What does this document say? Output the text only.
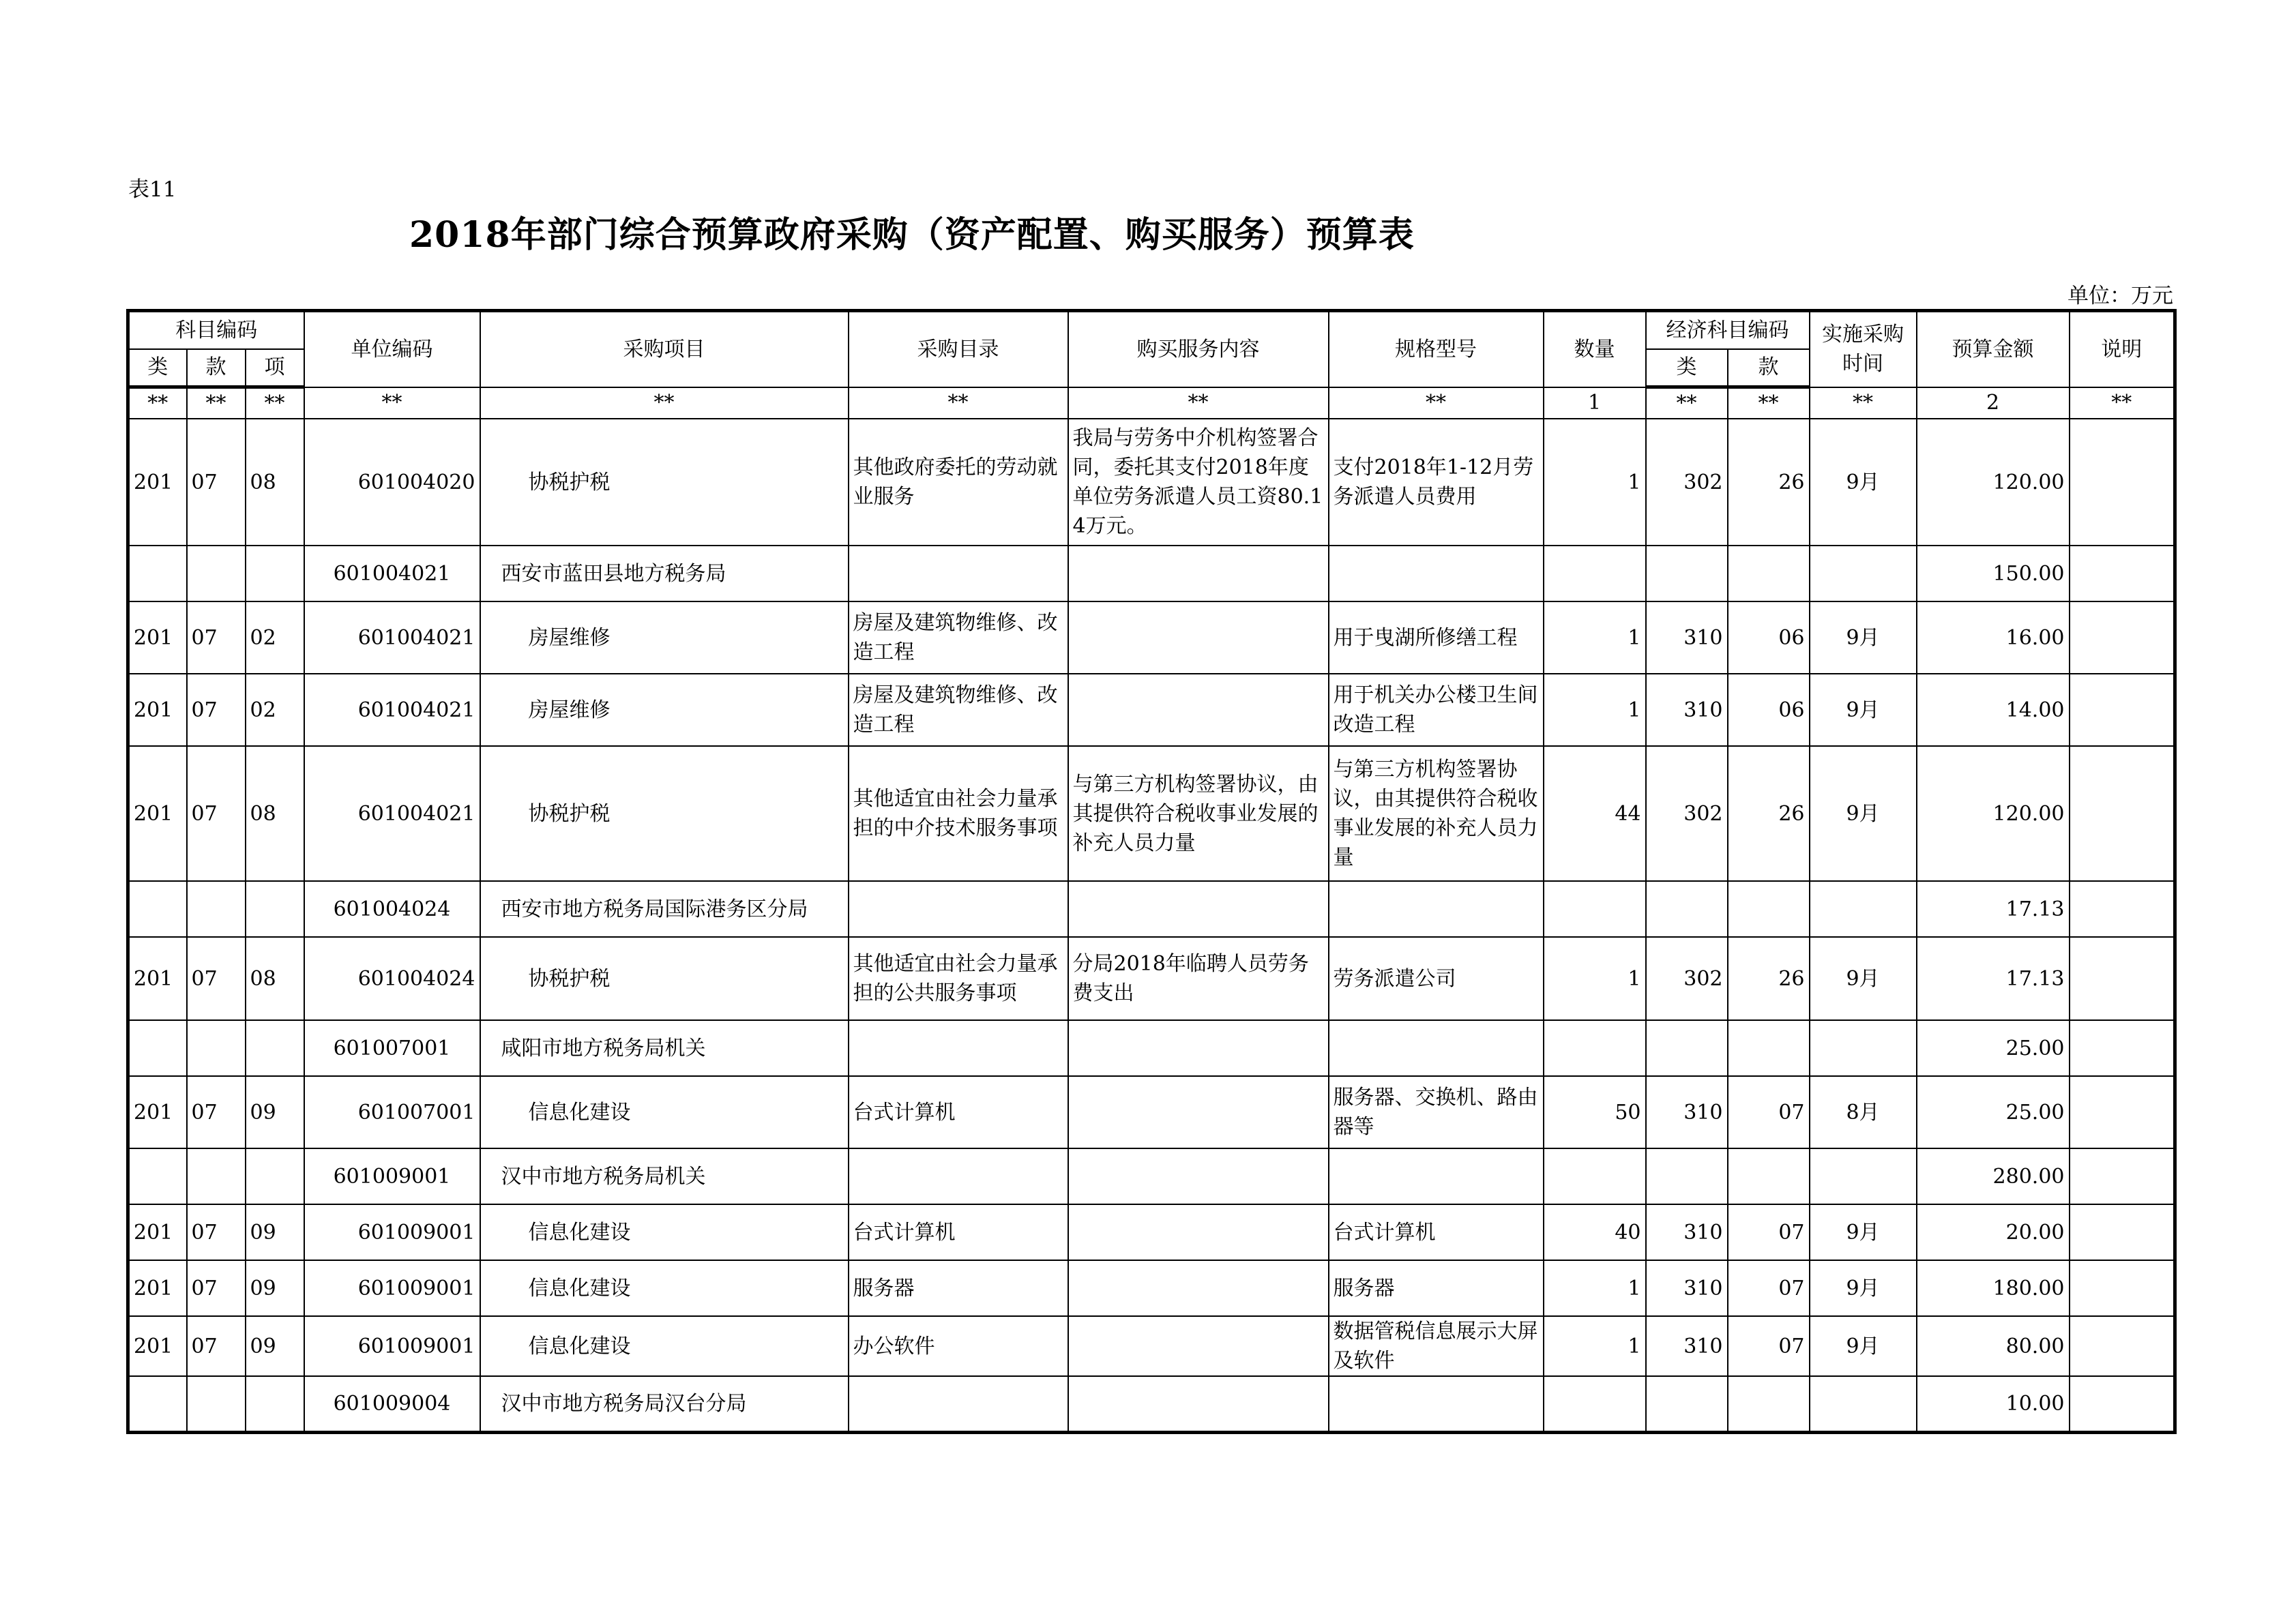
表11
2018年部门综合预算政府采购（资产配置、购买服务）预算表
单位：万元
科目编码			单位编码	采购项目	采购目录	购买服务内容	规格型号	数量	经济科目编码		实施采购时间	预算金额	说明
类	款	项							类	款			
**	**	**	**	**	**	**	**	1	**	**	**	2	**
201	07	08	601004020	协税护税	其他政府委托的劳动就业服务	我局与劳务中介机构签署合同，委托其支付2018年度单位劳务派遣人员工资80.14万元。	支付2018年1-12月劳务派遣人员费用	1	302	26	9月	120.00	
			601004021	西安市蓝田县地方税务局								150.00	
201	07	02	601004021	房屋维修	房屋及建筑物维修、改造工程		用于曳湖所修缮工程	1	310	06	9月	16.00	
201	07	02	601004021	房屋维修	房屋及建筑物维修、改造工程		用于机关办公楼卫生间改造工程	1	310	06	9月	14.00	
201	07	08	601004021	协税护税	其他适宜由社会力量承担的中介技术服务事项	与第三方机构签署协议，由其提供符合税收事业发展的补充人员力量	与第三方机构签署协议，由其提供符合税收事业发展的补充人员力量	44	302	26	9月	120.00	
			601004024	西安市地方税务局国际港务区分局								17.13	
201	07	08	601004024	协税护税	其他适宜由社会力量承担的公共服务事项	分局2018年临聘人员劳务费支出	劳务派遣公司	1	302	26	9月	17.13	
			601007001	咸阳市地方税务局机关								25.00	
201	07	09	601007001	信息化建设	台式计算机		服务器、交换机、路由器等	50	310	07	8月	25.00	
			601009001	汉中市地方税务局机关								280.00	
201	07	09	601009001	信息化建设	台式计算机		台式计算机	40	310	07	9月	20.00	
201	07	09	601009001	信息化建设	服务器		服务器	1	310	07	9月	180.00	
201	07	09	601009001	信息化建设	办公软件		数据管税信息展示大屏及软件	1	310	07	9月	80.00	
			601009004	汉中市地方税务局汉台分局								10.00	
